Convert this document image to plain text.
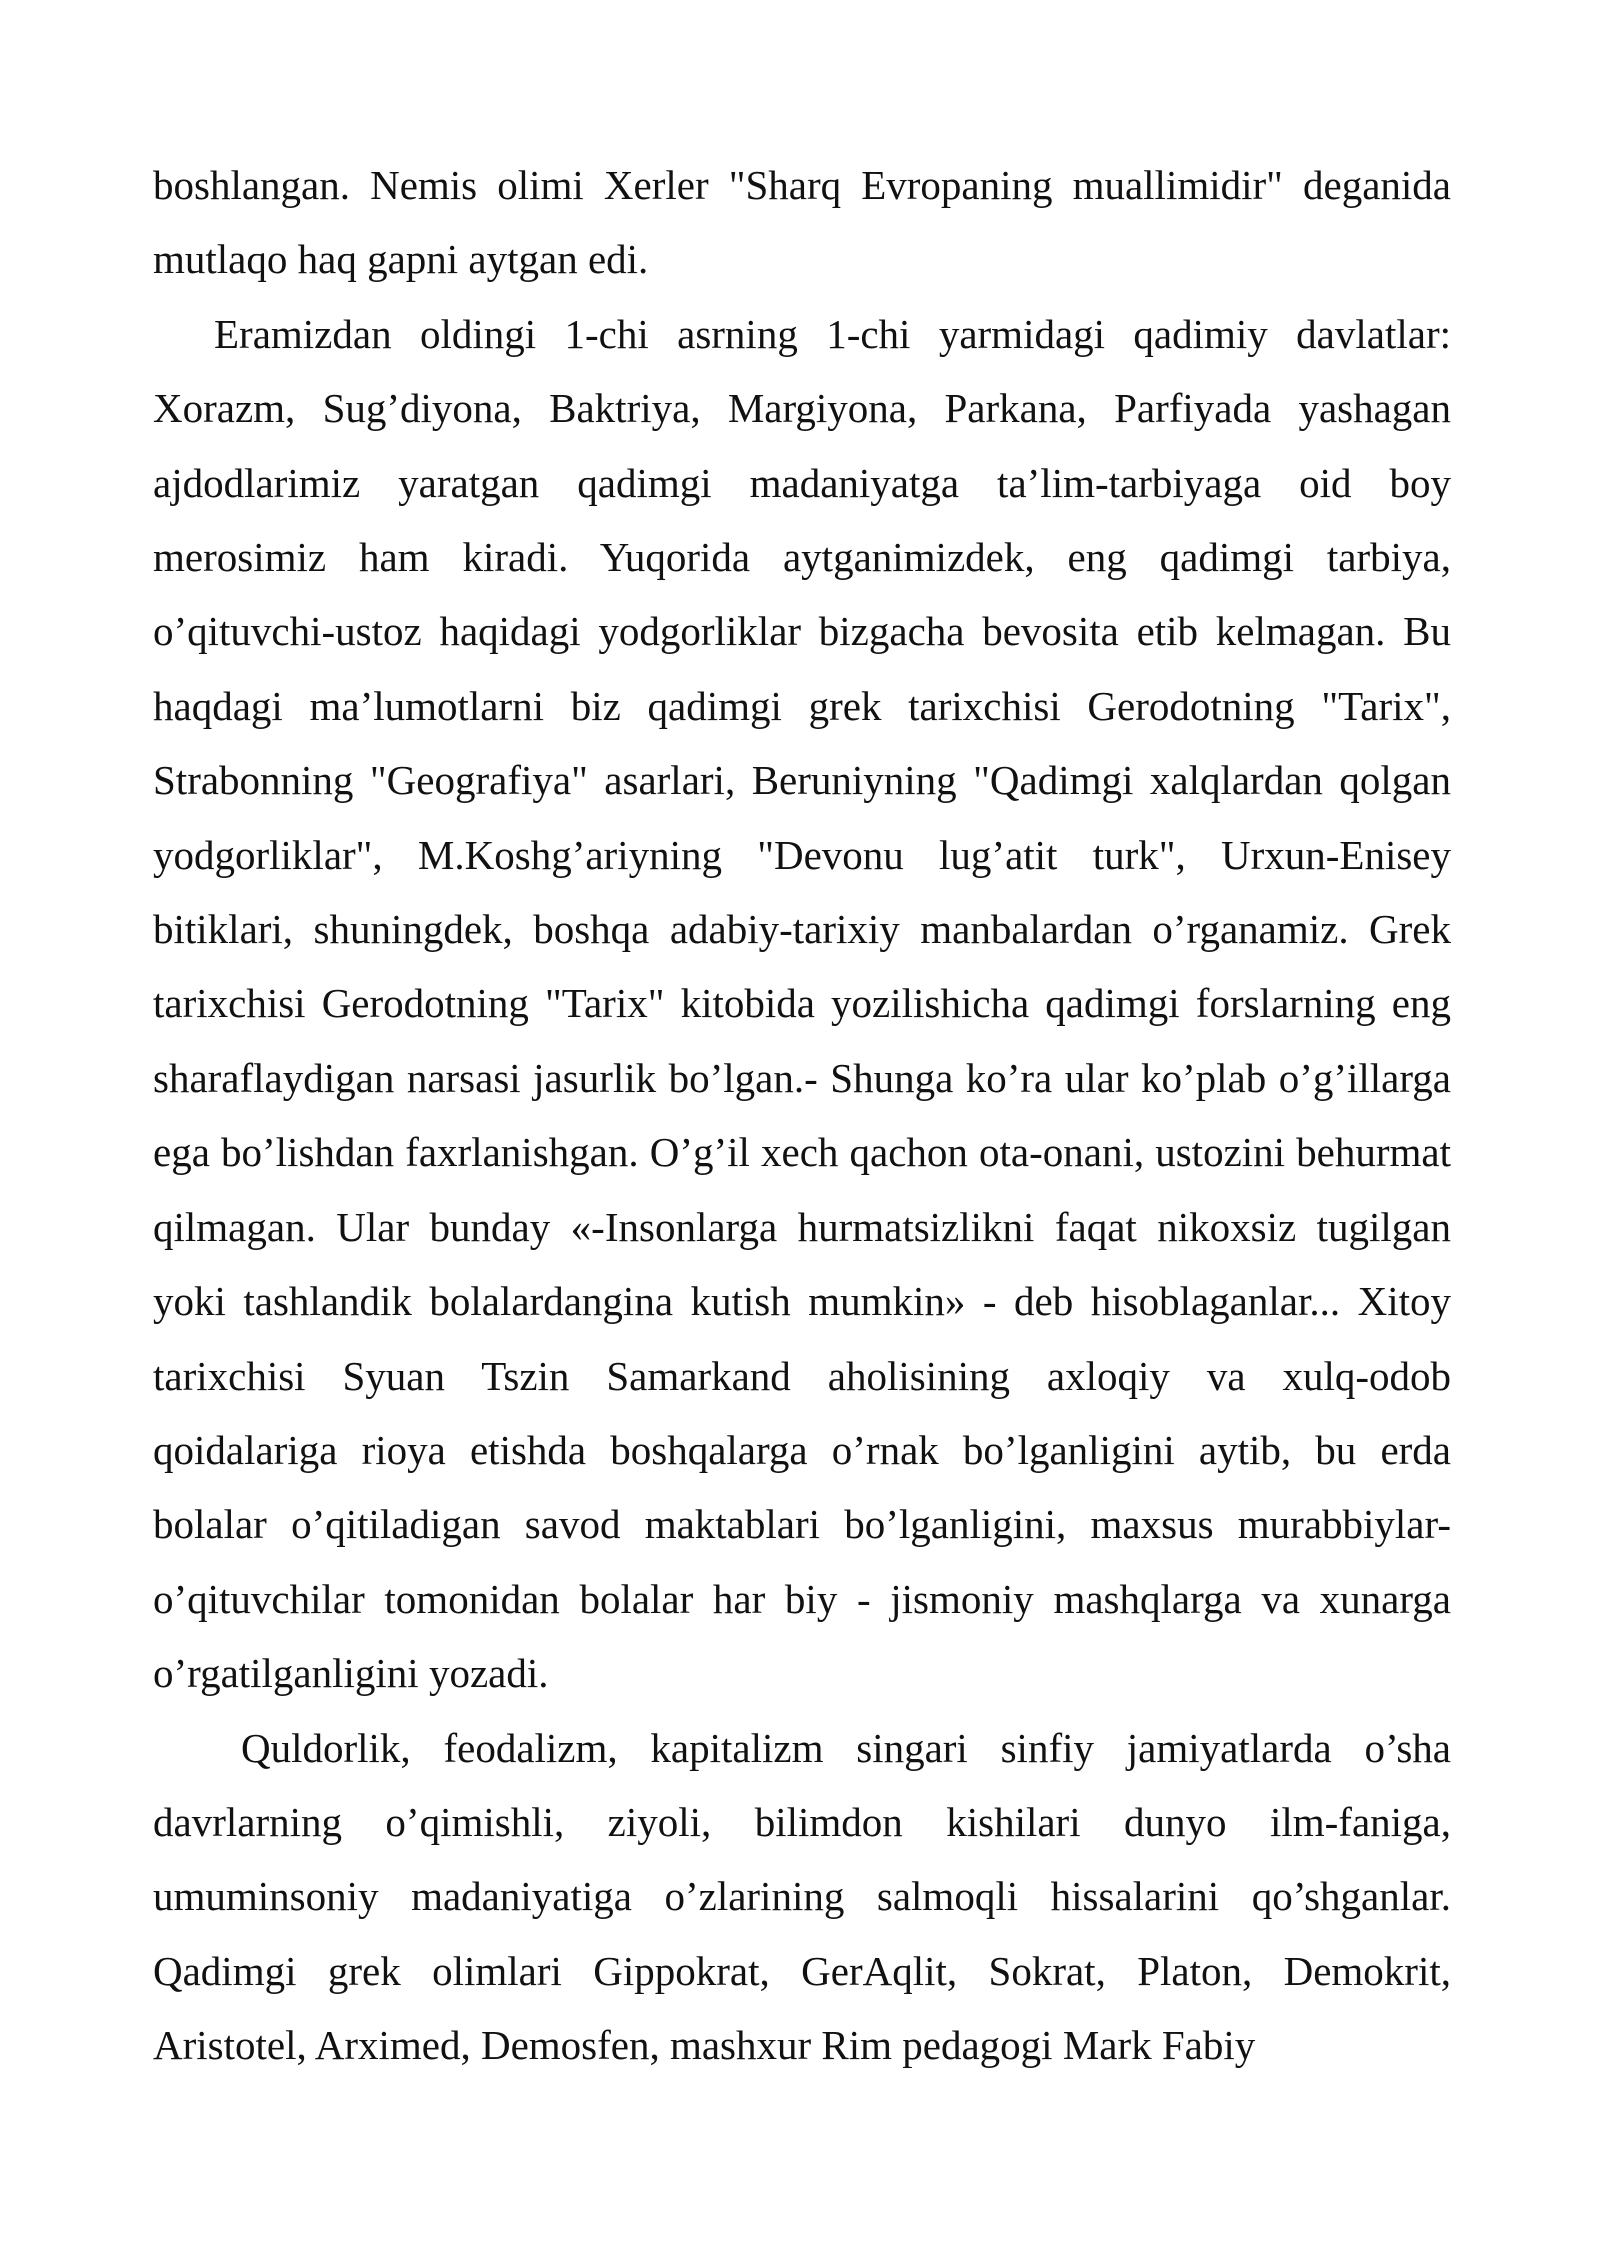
boshlangan. Nemis olimi Xerler "Sharq Evropaning muallimidir" deganida mutlaqo haq gapni aytgan edi.

Eramizdan oldingi 1-chi asrning 1-chi yarmidagi qadimiy davlatlar: Xorazm, Sug’diyona, Baktriya, Margiyona, Parkana, Parfiyada yashagan ajdodlarimiz yaratgan qadimgi madaniyatga ta’lim-tarbiyaga oid boy merosimiz ham kiradi. Yuqorida aytganimizdek, eng qadimgi tarbiya, o’qituvchi-ustoz haqidagi yodgorliklar bizgacha bevosita etib kelmagan. Bu haqdagi ma’lumotlarni biz qadimgi grek tarixchisi Gerodotning "Tarix", Strabonning "Geografiya" asarlari, Beruniyning "Qadimgi xalqlardan qolgan yodgorliklar", M.Koshg’ariyning "Devonu lug’atit turk", Urxun-Enisey bitiklari, shuningdek, boshqa adabiy-tarixiy manbalardan o’rganamiz. Grek tarixchisi Gerodotning "Tarix" kitobida yozilishicha qadimgi forslarning eng sharaflaydigan narsasi jasurlik bo’lgan.- Shunga ko’ra ular ko’plab o’g’illarga ega bo’lishdan faxrlanishgan. O’g’il xech qachon ota-onani, ustozini behurmat qilmagan. Ular bunday «-Insonlarga hurmatsizlikni faqat nikoxsiz tugilgan yoki tashlandik bolalardangina kutish mumkin» - deb hisoblaganlar... Xitoy tarixchisi Syuan Tszin Samarkand aholisining axloqiy va xulq-odob qoidalariga rioya etishda boshqalarga o’rnak bo’lganligini aytib, bu erda bolalar o’qitiladigan savod maktablari bo’lganligini, maxsus murabbiylar-o’qituvchilar tomonidan bolalar har biy - jismoniy mashqlarga va xunarga o’rgatilganligini yozadi.

Quldorlik, feodalizm, kapitalizm singari sinfiy jamiyatlarda o’sha davrlarning o’qimishli, ziyoli, bilimdon kishilari dunyo ilm-faniga, umuminsoniy madaniyatiga o’zlarining salmoqli hissalarini qo’shganlar. Qadimgi grek olimlari Gippokrat, GerAqlit, Sokrat, Platon, Demokrit, Aristotel, Arximed, Demosfen, mashxur Rim pedagogi Mark Fabiy
